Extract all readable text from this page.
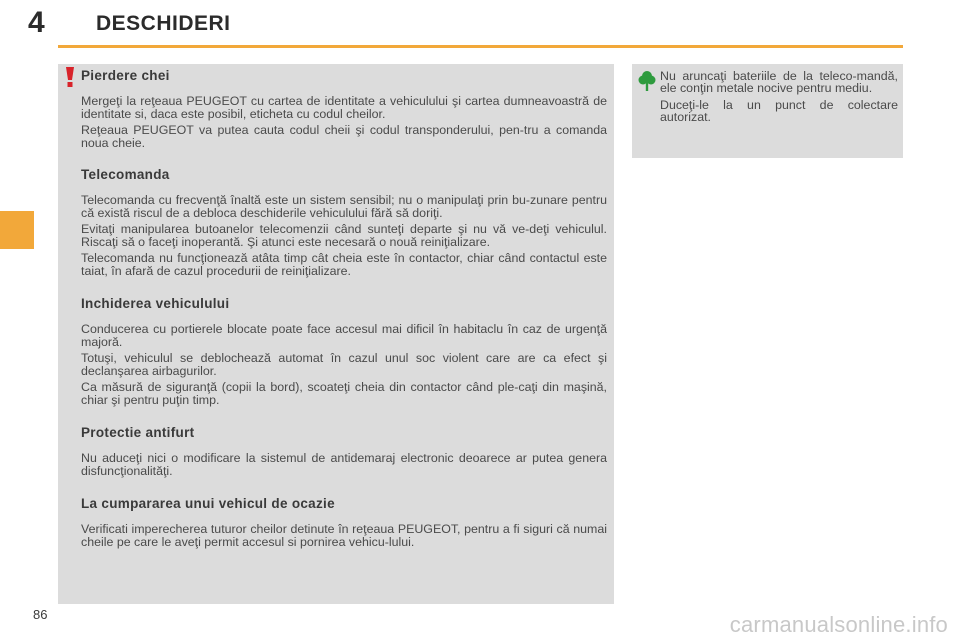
4 DESCHIDERI
Pierdere chei

Mergeţi la reţeaua PEUGEOT cu cartea de identitate a vehiculului şi cartea dumneavoastră de identitate si, daca este posibil, eticheta cu codul cheilor.

Reţeaua PEUGEOT va putea cauta codul cheii şi codul transponderului, pen-tru a comanda noua cheie.

Telecomanda

Telecomanda cu frecvenţă înaltă este un sistem sensibil; nu o manipulaţi prin bu-zunare pentru că există riscul de a debloca deschiderile vehiculului fără să doriţi.

Evitaţi manipularea butoanelor telecomenzii când sunteţi departe şi nu vă ve-deţi vehiculul. Riscaţi să o faceţi inoperantă. Şi atunci este necesară o nouă reiniţializare.

Telecomanda nu funcţionează atâta timp cât cheia este în contactor, chiar când contactul este taiat, în afară de cazul procedurii de reiniţializare.

Inchiderea vehiculului

Conducerea cu portierele blocate poate face accesul mai dificil în habitaclu în caz de urgenţă majoră.

Totuşi, vehiculul se deblochează automat în cazul unul soc violent care are ca efect şi declanşarea airbagurilor.

Ca măsură de siguranţă (copii la bord), scoateţi cheia din contactor când ple-caţi din maşină, chiar şi pentru puţin timp.

Protectie antifurt

Nu aduceţi nici o modificare la sistemul de antidemaraj electronic deoarece ar putea genera disfuncţionalităţi.

La cumpararea unui vehicul de ocazie

Verificati imperecherea tuturor cheilor detinute în reţeaua PEUGEOT, pentru a fi siguri că numai cheile pe care le aveţi permit accesul si pornirea vehicu-lului.

Nu aruncaţi bateriile de la teleco-mandă, ele conţin metale nocive pentru mediu.

Duceţi-le la un punct de colectare autorizat.

86	carmanualsonline.info
